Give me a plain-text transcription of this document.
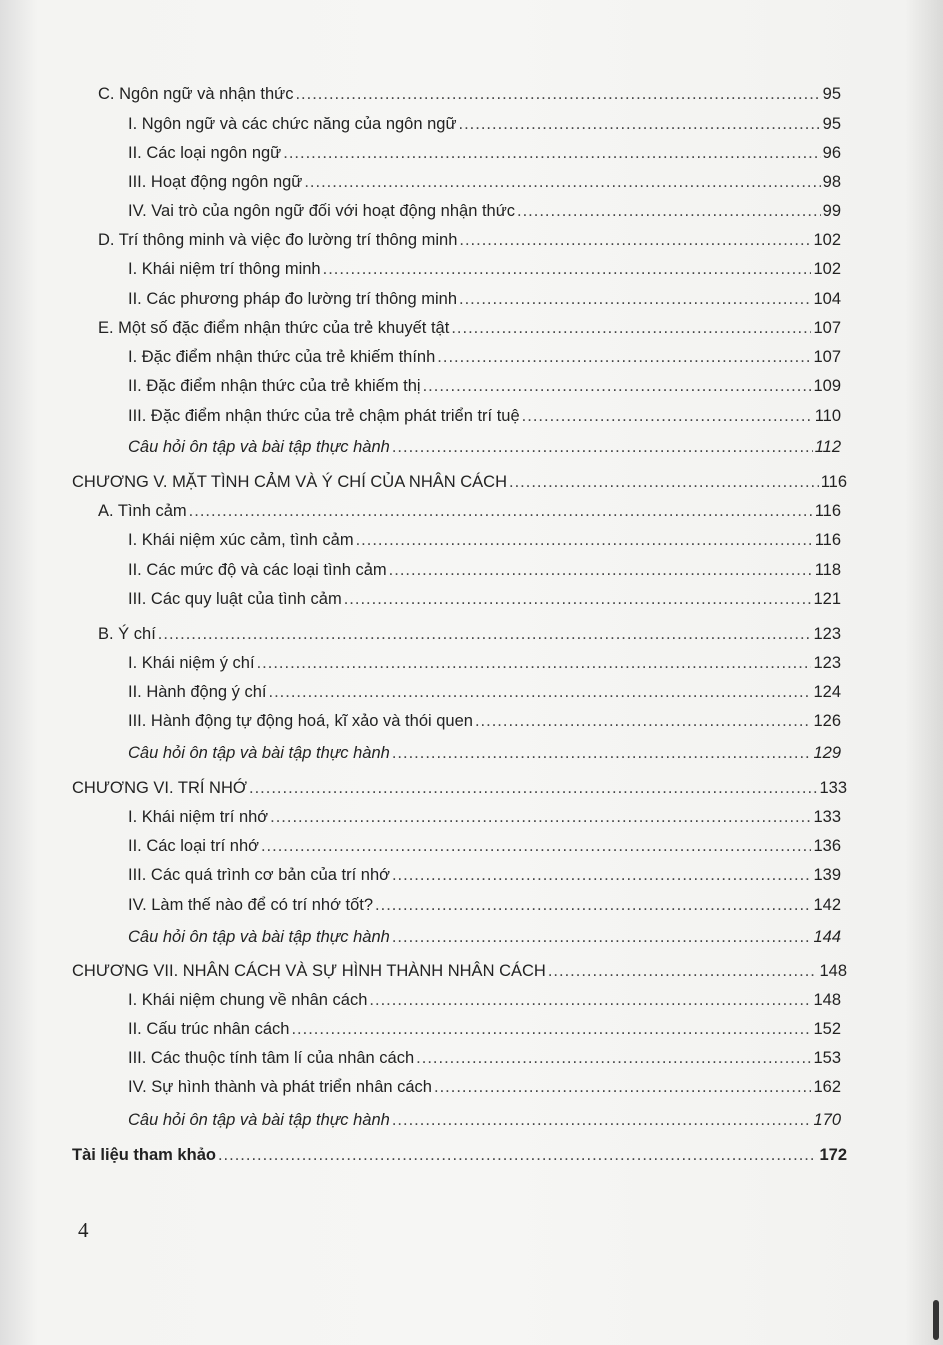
C. Ngôn ngữ và nhận thức .....	95
I. Ngôn ngữ và các chức năng của ngôn ngữ .....	95
II. Các loại ngôn ngữ .....	96
III. Hoạt động ngôn ngữ .....	98
IV. Vai trò của ngôn ngữ đối với hoạt động nhận thức .....	99
D. Trí thông minh và việc đo lường trí thông minh .....	102
I. Khái niệm trí thông minh .....	102
II. Các phương pháp đo lường trí thông minh .....	104
E. Một số đặc điểm nhận thức của trẻ khuyết tật .....	107
I. Đặc điểm nhận thức của trẻ khiếm thính .....	107
II. Đặc điểm nhận thức của trẻ khiếm thị .....	109
III. Đặc điểm nhận thức của trẻ chậm phát triển trí tuệ .....	110
Câu hỏi ôn tập và bài tập thực hành .....	112
CHƯƠNG V. MẶT TÌNH CẢM VÀ Ý CHÍ CỦA NHÂN CÁCH .....	116
A. Tình cảm .....	116
I. Khái niệm xúc cảm, tình cảm .....	116
II. Các mức độ và các loại tình cảm .....	118
III. Các quy luật của tình cảm .....	121
B. Ý chí .....	123
I. Khái niệm ý chí .....	123
II. Hành động ý chí .....	124
III. Hành động tự động hoá, kĩ xảo và thói quen .....	126
Câu hỏi ôn tập và bài tập thực hành .....	129
CHƯƠNG VI. TRÍ NHỚ .....	133
I. Khái niệm trí nhớ .....	133
II. Các loại trí nhớ .....	136
III. Các quá trình cơ bản của trí nhớ .....	139
IV. Làm thế nào để có trí nhớ tốt? .....	142
Câu hỏi ôn tập và bài tập thực hành .....	144
CHƯƠNG VII. NHÂN CÁCH VÀ SỰ HÌNH THÀNH NHÂN CÁCH .....	148
I. Khái niệm chung về nhân cách .....	148
II. Cấu trúc nhân cách .....	152
III. Các thuộc tính tâm lí của nhân cách .....	153
IV. Sự hình thành và phát triển nhân cách .....	162
Câu hỏi ôn tập và bài tập thực hành .....	170
Tài liệu tham khảo .....	172
4
